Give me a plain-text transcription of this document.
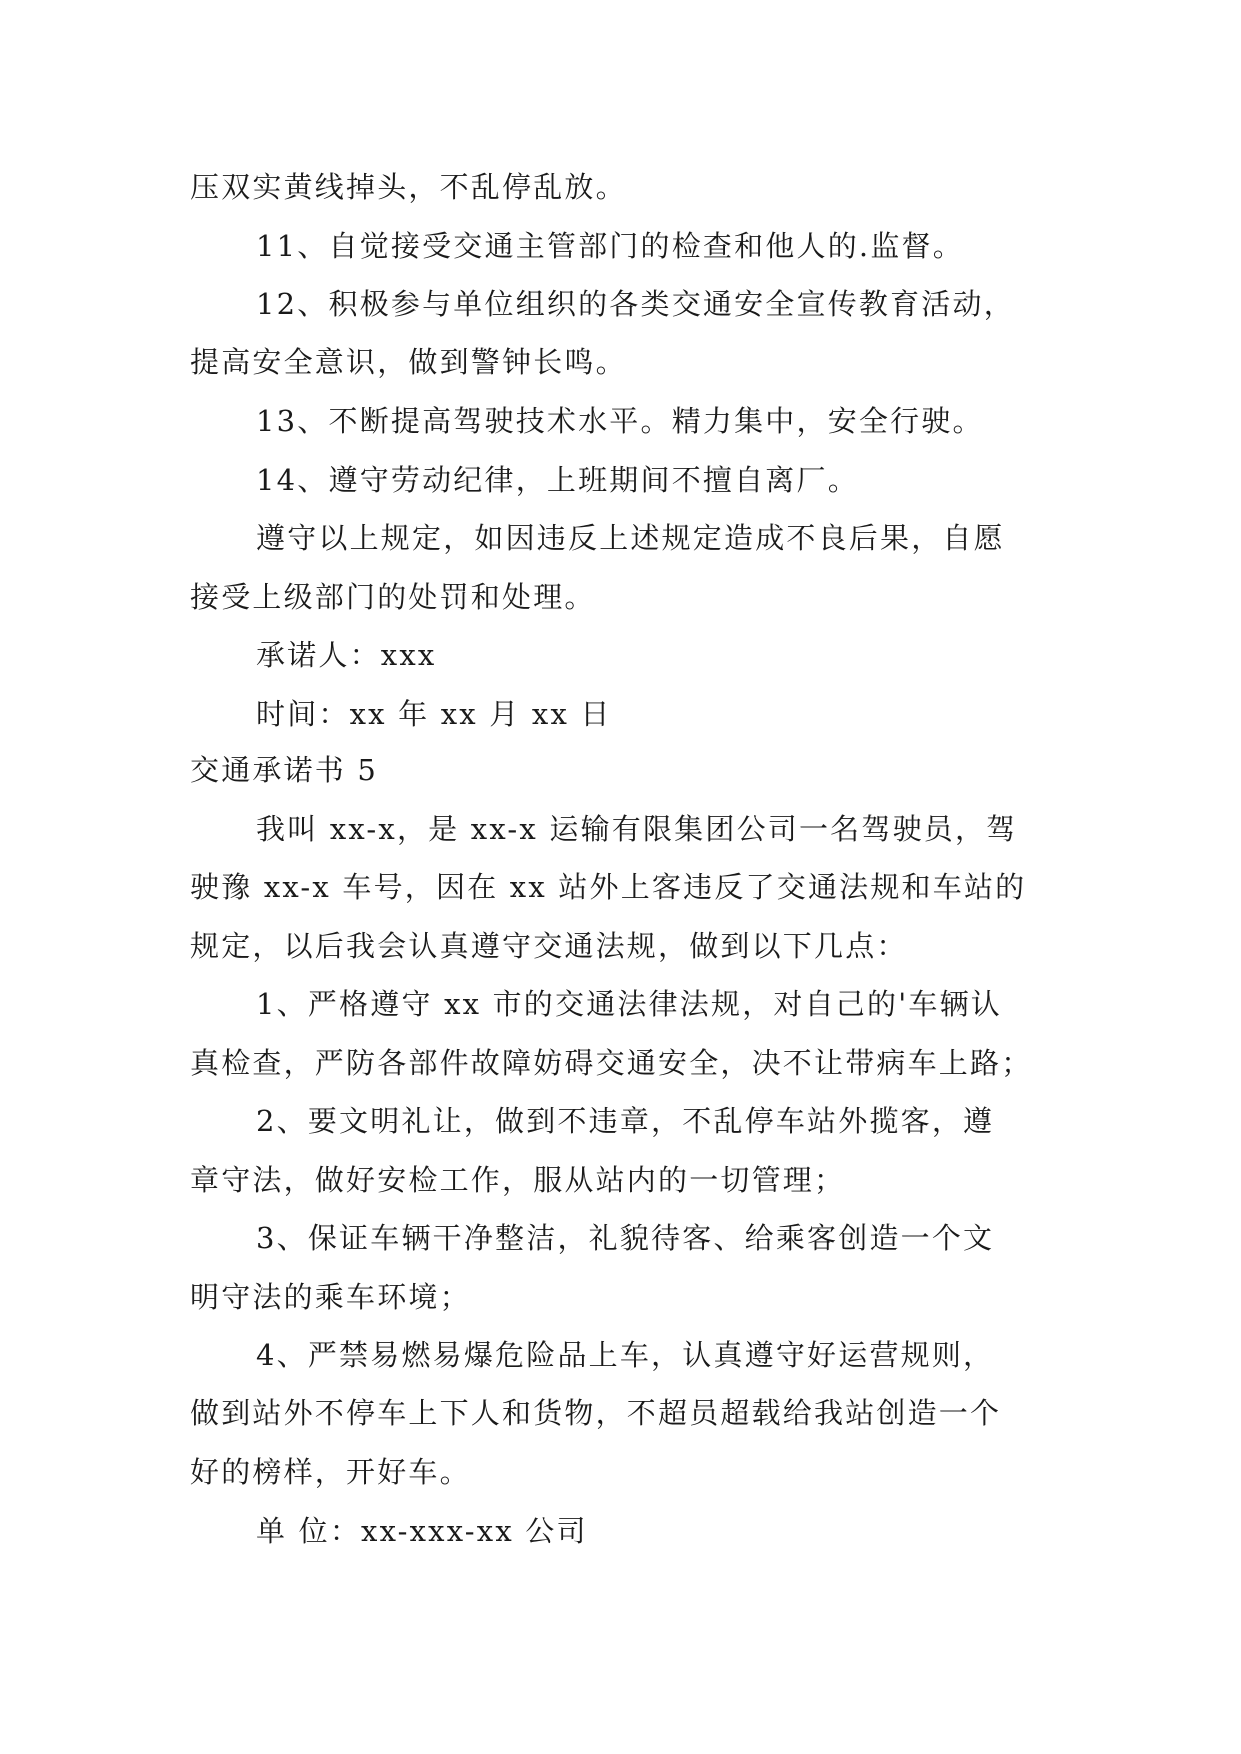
压双实黄线掉头，不乱停乱放。
11、自觉接受交通主管部门的检查和他人的.监督。
12、积极参与单位组织的各类交通安全宣传教育活动，
提高安全意识，做到警钟长鸣。
13、不断提高驾驶技术水平。精力集中，安全行驶。
14、遵守劳动纪律，上班期间不擅自离厂。
遵守以上规定，如因违反上述规定造成不良后果，自愿
接受上级部门的处罚和处理。
承诺人：xxx
时间：xx 年 xx 月 xx 日
交通承诺书 5
我叫 xx-x，是 xx-x 运输有限集团公司一名驾驶员，驾
驶豫 xx-x 车号，因在 xx 站外上客违反了交通法规和车站的
规定，以后我会认真遵守交通法规，做到以下几点：
1、严格遵守 xx 市的交通法律法规，对自己的'车辆认
真检查，严防各部件故障妨碍交通安全，决不让带病车上路；
2、要文明礼让，做到不违章，不乱停车站外揽客，遵
章守法，做好安检工作，服从站内的一切管理；
3、保证车辆干净整洁，礼貌待客、给乘客创造一个文
明守法的乘车环境；
4、严禁易燃易爆危险品上车，认真遵守好运营规则，
做到站外不停车上下人和货物，不超员超载给我站创造一个
好的榜样，开好车。
单 位：xx-xxx-xx 公司
